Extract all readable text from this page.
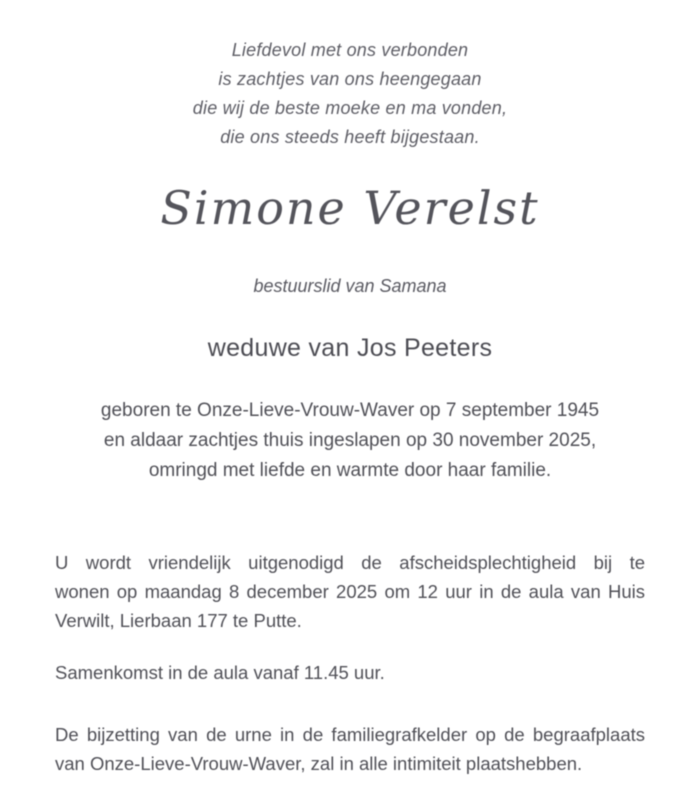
Liefdevol met ons verbonden
is zachtjes van ons heengegaan
die wij de beste moeke en ma vonden,
die ons steeds heeft bijgestaan.
Simone Verelst
bestuurslid van Samana
weduwe van Jos Peeters
geboren te Onze-Lieve-Vrouw-Waver op 7 september 1945
en aldaar zachtjes thuis ingeslapen op 30 november 2025,
omringd met liefde en warmte door haar familie.
U wordt vriendelijk uitgenodigd de afscheidsplechtigheid bij te
wonen op maandag 8 december 2025 om 12 uur in de aula van Huis
Verwilt, Lierbaan 177 te Putte.
Samenkomst in de aula vanaf 11.45 uur.
De bijzetting van de urne in de familiegrafkelder op de begraafplaats
van Onze-Lieve-Vrouw-Waver, zal in alle intimiteit plaatshebben.
